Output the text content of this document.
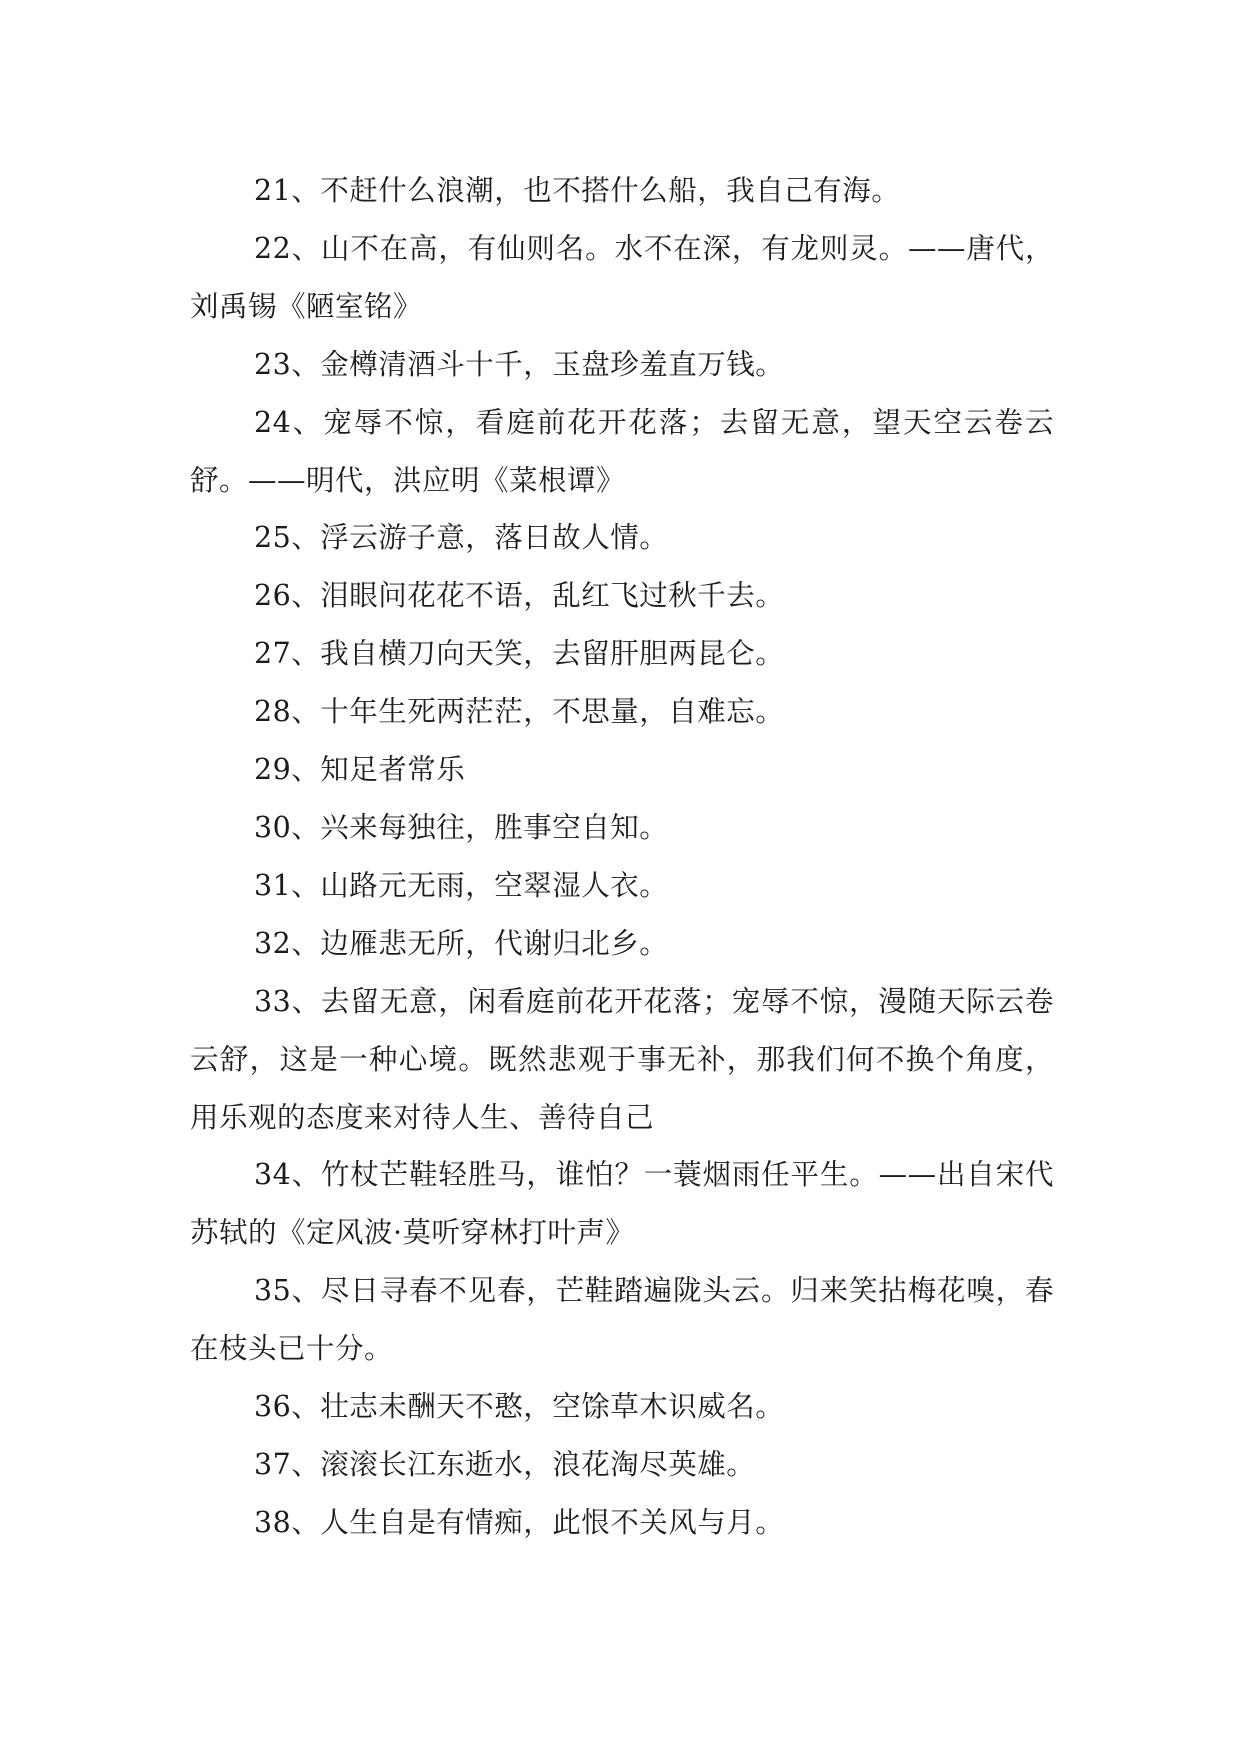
21、不赶什么浪潮，也不搭什么船，我自己有海。

22、山不在高，有仙则名。水不在深，有龙则灵。——唐代，刘禹锡《陋室铭》

23、金樽清酒斗十千，玉盘珍羞直万钱。

24、宠辱不惊，看庭前花开花落；去留无意，望天空云卷云舒。——明代，洪应明《菜根谭》

25、浮云游子意，落日故人情。

26、泪眼问花花不语，乱红飞过秋千去。

27、我自横刀向天笑，去留肝胆两昆仑。

28、十年生死两茫茫，不思量，自难忘。

29、知足者常乐

30、兴来每独往，胜事空自知。

31、山路元无雨，空翠湿人衣。

32、边雁悲无所，代谢归北乡。

33、去留无意，闲看庭前花开花落；宠辱不惊，漫随天际云卷云舒，这是一种心境。既然悲观于事无补，那我们何不换个角度，用乐观的态度来对待人生、善待自己

34、竹杖芒鞋轻胜马，谁怕？一蓑烟雨任平生。——出自宋代苏轼的《定风波·莫听穿林打叶声》

35、尽日寻春不见春，芒鞋踏遍陇头云。归来笑拈梅花嗅，春在枝头已十分。

36、壮志未酬天不憨，空馀草木识威名。

37、滚滚长江东逝水，浪花淘尽英雄。

38、人生自是有情痴，此恨不关风与月。
